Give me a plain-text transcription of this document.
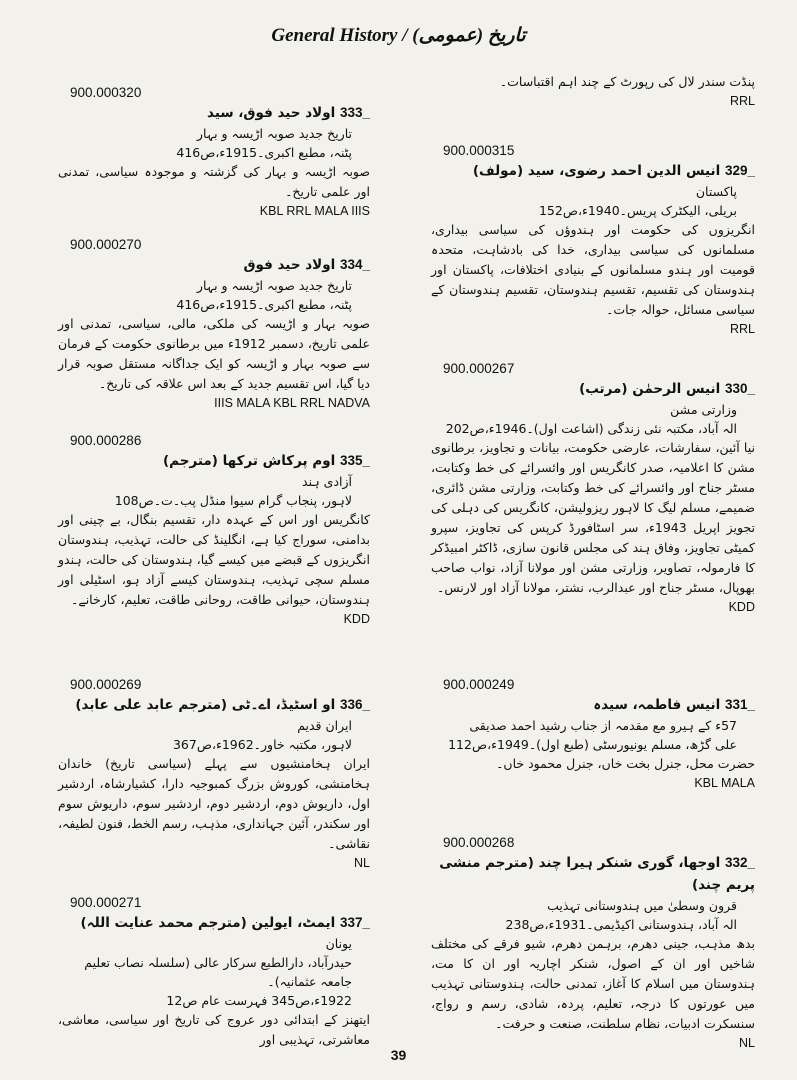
General History / (تاریخ (عمومی
900.000320
333_ اولاد حید فوق، سید
تاریخ جدید صوبہ اڑیسہ و بہار
پٹنہ، مطبع اکبری۔1915ء،ص416
صوبہ اڑیسہ و بہار کی گزشتہ و موجودہ سیاسی، تمدنی اور علمی تاریخ۔
KBL RRL MALA IIIS
900.000270
334_ اولاد حید فوق
تاریخ جدید صوبہ اڑیسہ و بہار
پٹنہ، مطبع اکبری۔1915ء،ص416
صوبہ بہار و اڑیسہ کی ملکی، مالی، سیاسی، تمدنی اور علمی تاریخ، دسمبر 1912ء میں برطانوی حکومت کے فرمان سے صوبہ بہار و اڑیسہ کو ایک جداگانہ مستقل صوبہ قرار دیا گیا، اس تقسیم جدید کے بعد اس علاقہ کی تاریخ۔
IIIS MALA KBL RRL NADVA
900.000286
335_ اوم پرکاش ترکھا (مترجم)
آزادی ہند
لاہور، پنجاب گرام سیوا منڈل پب۔ت۔ص108
کانگریس اور اس کے عہدہ دار، تقسیم بنگال، بے چینی اور بدامنی، سوراج کیا ہے، انگلینڈ کی حالت، تہذیب، ہندوستان انگریزوں کے قبضے میں کیسے گیا، ہندوستان کی حالت، ہندو مسلم سچی تہذیب، ہندوستان کیسے آزاد ہو، اسٹیلی اور ہندوستان، حیوانی طاقت، روحانی طاقت، تعلیم، کارخانے۔
KDD
900.000269
336_ او اسٹیڈ، اے۔ٹی (مترجم عابد علی عابد)
ایران قدیم
لاہور، مکتبہ خاور۔1962ء،ص367
ایران ہخامنشیوں سے پہلے (سیاسی تاریخ) خاندان ہخامنشی، کوروش بزرگ کمبوجیہ دارا، کشیارشاہ، اردشیر اول، داریوش دوم، اردشیر دوم، اردشیر سوم، داریوش سوم اور سکندر، آئین جہانداری، مذہب، رسم الخط، فنون لطیفہ، نقاشی۔
NL
900.000271
337_ ایمٹ، ایولین (مترجم محمد عنایت اللہ)
یونان
حیدرآباد، دارالطبع سرکار عالی (سلسلہ نصاب تعلیم جامعہ عثمانیہ)۔
1922ء،ص345 فہرست عام ص12
ایتھنز کے ابتدائی دور عروج کی تاریخ اور سیاسی، معاشی، معاشرتی، تہذیبی اور
پنڈت سندر لال کی رپورٹ کے چند اہم اقتباسات۔
RRL
900.000315
329_ انیس الدین احمد رضوی، سید (مولف)
پاکستان
بریلی، الیکٹرک پریس۔1940ء،ص152
انگریزوں کی حکومت اور ہندوؤں کی سیاسی بیداری، مسلمانوں کی سیاسی بیداری، خدا کی بادشاہت، متحدہ قومیت اور ہندو مسلمانوں کے بنیادی اختلافات، پاکستان اور ہندوستان کی تقسیم، تقسیم ہندوستان، تقسیم ہندوستان کے سیاسی مسائل، حوالہ جات۔
RRL
900.000267
330_ انیس الرحمٰن (مرتب)
وزارتی مشن
الہ آباد، مکتبہ نئی زندگی (اشاعت اول)۔1946ء،ص202
نیا آئین، سفارشات، عارضی حکومت، بیانات و تجاویز، برطانوی مشن کا اعلامیہ، صدر کانگریس اور وائسرائے کی خط وکتابت، مسٹر جناح اور وائسرائے کی خط وکتابت، وزارتی مشن ڈائری، ضمیمے، مسلم لیگ کا لاہور ریزولیشن، کانگریس کی دہلی کی تجویز اپریل 1943ء، سر اسٹافورڈ کرپس کی تجاویز، سپرو کمیٹی تجاویز، وفاق ہند کی مجلس قانون سازی، ڈاکٹر امبیڈکر کا فارمولہ، تصاویر، وزارتی مشن اور مولانا آزاد، نواب صاحب بھوپال، مسٹر جناح اور عبدالرب، نشتر، مولانا آزاد اور لارنس۔
KDD
900.000249
331_ انیس فاطمہ، سیدہ
57ء کے ہیرو مع مقدمہ از جناب رشید احمد صدیقی
علی گڑھ، مسلم یونیورسٹی (طبع اول)۔1949ء،ص112
حضرت محل، جنرل بخت خاں، جنرل محمود خاں۔
KBL MALA
900.000268
332_ اوجھا، گوری شنکر ہیرا چند (مترجم منشی پریم چند)
قرون وسطیٰ میں ہندوستانی تہذیب
الہ آباد، ہندوستانی اکیڈیمی۔1931ء،ص238
بدھ مذہب، جینی دھرم، برہمن دھرم، شیو فرقے کی مختلف شاخیں اور ان کے اصول، شنکر اچاریہ اور ان کا مت، ہندوستان میں اسلام کا آغاز، تمدنی حالت، ہندوستانی تہذیب میں عورتوں کا درجہ، تعلیم، پردہ، شادی، رسم و رواج، سنسکرت ادبیات، نظام سلطنت، صنعت و حرفت۔
NL
39
